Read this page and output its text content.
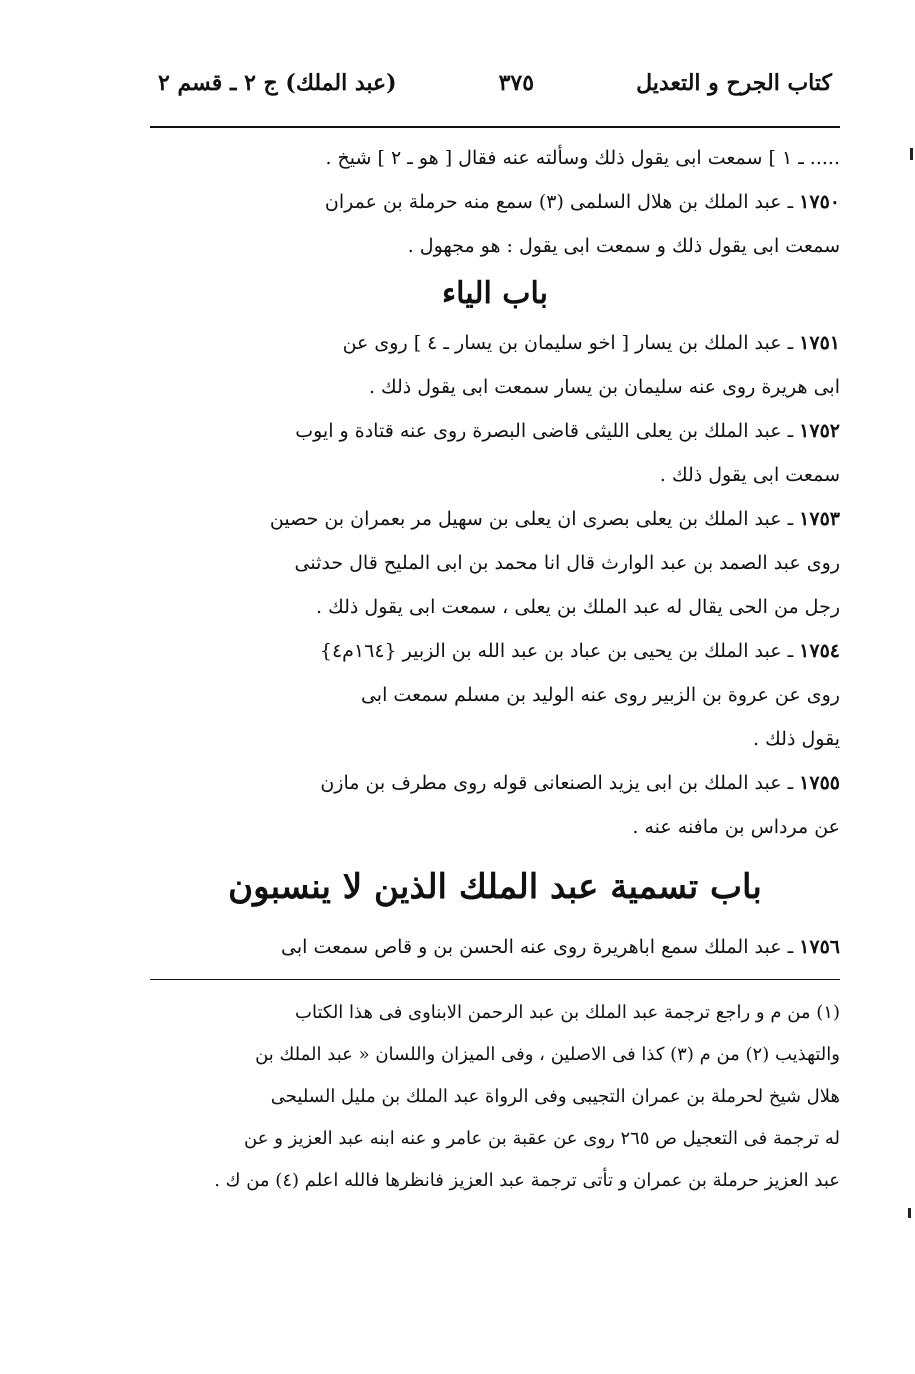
كتاب الجرح و التعديل
٣٧٥
(عبد الملك) ج ٢ ـ قسم ٢

..... ـ ١ ] سمعت ابى يقول ذلك وسألته عنه فقال [ هو ـ ٢ ] شيخ .

١٧٥٠ـ عبد الملك بن هلال السلمى (٣) سمع منه حرملة بن عمران

سمعت ابى يقول ذلك و سمعت ابى يقول : هو مجهول .

باب الياء

١٧٥١ـ عبد الملك بن يسار [ اخو سليمان بن يسار ـ ٤ ] روى عن

ابى هريرة روى عنه سليمان بن يسار سمعت ابى يقول ذلك .

١٧٥٢ـ عبد الملك بن يعلى الليثى قاضى البصرة روى عنه قتادة و ايوب

سمعت ابى يقول ذلك .

١٧٥٣ـ عبد الملك بن يعلى بصرى ان يعلى بن سهيل مر بعمران بن حصين

روى عبد الصمد بن عبد الوارث قال انا محمد بن ابى المليح قال حدثنى

رجل من الحى يقال له عبد الملك بن يعلى ، سمعت ابى يقول ذلك .

١٧٥٤ـ عبد الملك بن يحيى بن عباد بن عبد الله بن الزبير {١٦٤م٤}

روى عن عروة بن الزبير روى عنه الوليد بن مسلم سمعت ابى

يقول ذلك .

١٧٥٥ـ عبد الملك بن ابى يزيد الصنعانى قوله روى مطرف بن مازن

عن مرداس بن مافنه عنه .

باب تسمية عبد الملك الذين لا ينسبون

١٧٥٦ـ عبد الملك سمع اباهريرة روى عنه الحسن بن و قاص سمعت ابى

(١) من م و راجع ترجمة عبد الملك بن عبد الرحمن الابناوى فى هذا الكتاب

والتهذيب (٢) من م (٣) كذا فى الاصلين ، وفى الميزان واللسان « عبد الملك بن

هلال شيخ لحرملة بن عمران التجيبى وفى الرواة عبد الملك بن مليل السليحى

له ترجمة فى التعجيل ص ٢٦٥ روى عن عقبة بن عامر و عنه ابنه عبد العزيز و عن

عبد العزيز حرملة بن عمران و تأتى ترجمة عبد العزيز فانظرها فالله اعلم (٤) من ك .
